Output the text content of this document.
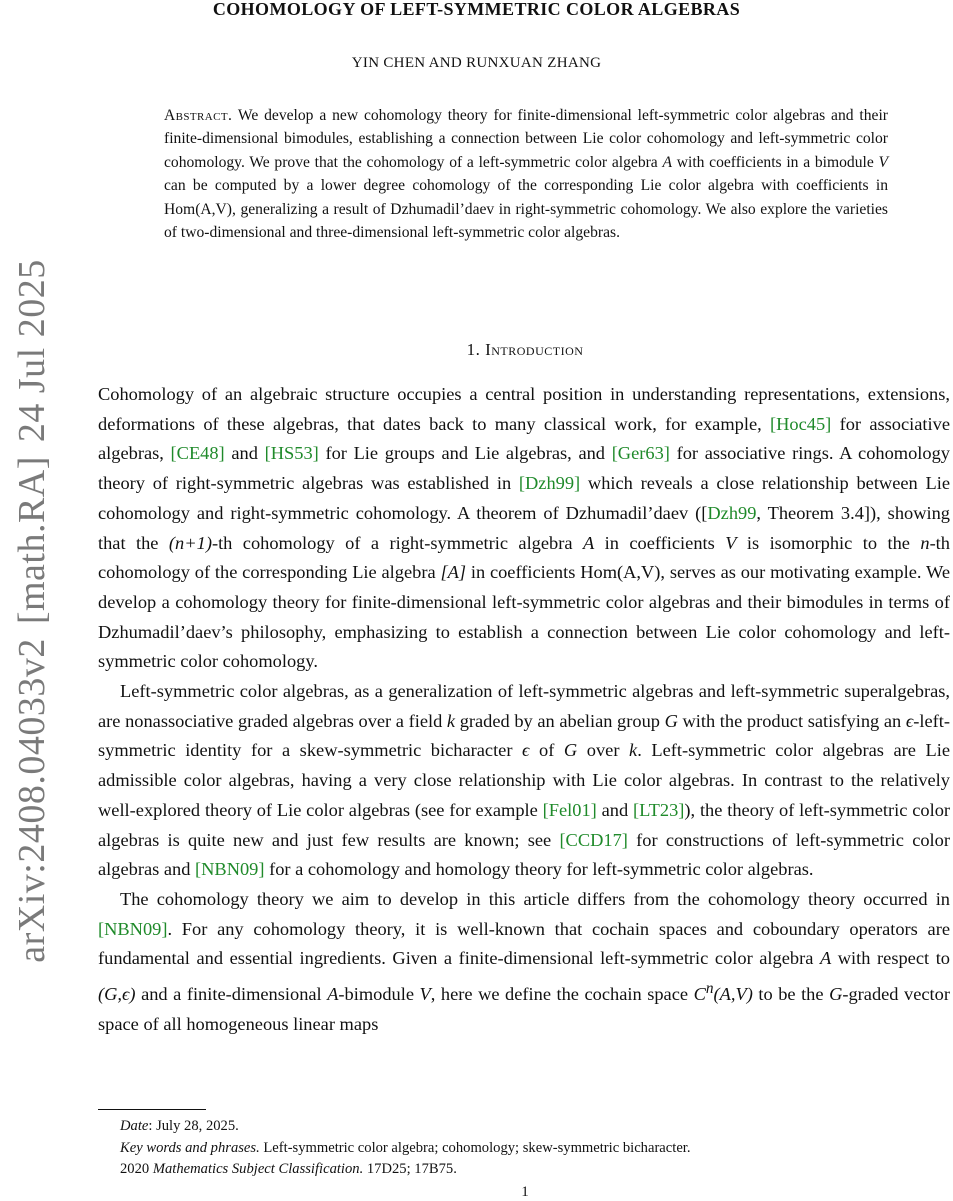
arXiv:2408.04033v2[math.RA]24 Jul 2025
COHOMOLOGY OF LEFT-SYMMETRIC COLOR ALGEBRAS
YIN CHEN AND RUNXUAN ZHANG
Abstract. We develop a new cohomology theory for finite-dimensional left-symmetric color algebras and their finite-dimensional bimodules, establishing a connection between Lie color cohomology and left-symmetric color cohomology. We prove that the cohomology of a left-symmetric color algebra A with coefficients in a bimodule V can be computed by a lower degree cohomology of the corresponding Lie color algebra with coefficients in Hom(A,V), generalizing a result of Dzhumadil’daev in right-symmetric cohomology. We also explore the varieties of two-dimensional and three-dimensional left-symmetric color algebras.
1. Introduction

Cohomology of an algebraic structure occupies a central position in understanding representations, extensions, deformations of these algebras, that dates back to many classical work, for example, [Hoc45] for associative algebras, [CE48] and [HS53] for Lie groups and Lie algebras, and [Ger63] for associative rings. A cohomology theory of right-symmetric algebras was established in [Dzh99] which reveals a close relationship between Lie cohomology and right-symmetric cohomology. A theorem of Dzhumadil’daev ([Dzh99, Theorem 3.4]), showing that the (n+1)-th cohomology of a right-symmetric algebra A in coefficients V is isomorphic to the n-th cohomology of the corresponding Lie algebra [A] in coefficients Hom(A,V), serves as our motivating example. We develop a cohomology theory for finite-dimensional left-symmetric color algebras and their bimodules in terms of Dzhumadil’daev’s philosophy, emphasizing to establish a connection between Lie color cohomology and left-symmetric color cohomology.

Left-symmetric color algebras, as a generalization of left-symmetric algebras and left-symmetric superalgebras, are nonassociative graded algebras over a field k graded by an abelian group G with the product satisfying an ϵ-left-symmetric identity for a skew-symmetric bicharacter ϵ of G over k. Left-symmetric color algebras are Lie admissible color algebras, having a very close relationship with Lie color algebras. In contrast to the relatively well-explored theory of Lie color algebras (see for example [Fel01] and [LT23]), the theory of left-symmetric color algebras is quite new and just few results are known; see [CCD17] for constructions of left-symmetric color algebras and [NBN09] for a cohomology and homology theory for left-symmetric color algebras.

The cohomology theory we aim to develop in this article differs from the cohomology theory occurred in [NBN09]. For any cohomology theory, it is well-known that cochain spaces and coboundary operators are fundamental and essential ingredients. Given a finite-dimensional left-symmetric color algebra A with respect to (G,ϵ) and a finite-dimensional A-bimodule V, here we define the cochain space $C^n(A,V)$ to be the G-graded vector space of all homogeneous linear maps

Date: July 28, 2025.
Key words and phrases. Left-symmetric color algebra; cohomology; skew-symmetric bicharacter.
2020 Mathematics Subject Classification. 17D25; 17B75.
1
